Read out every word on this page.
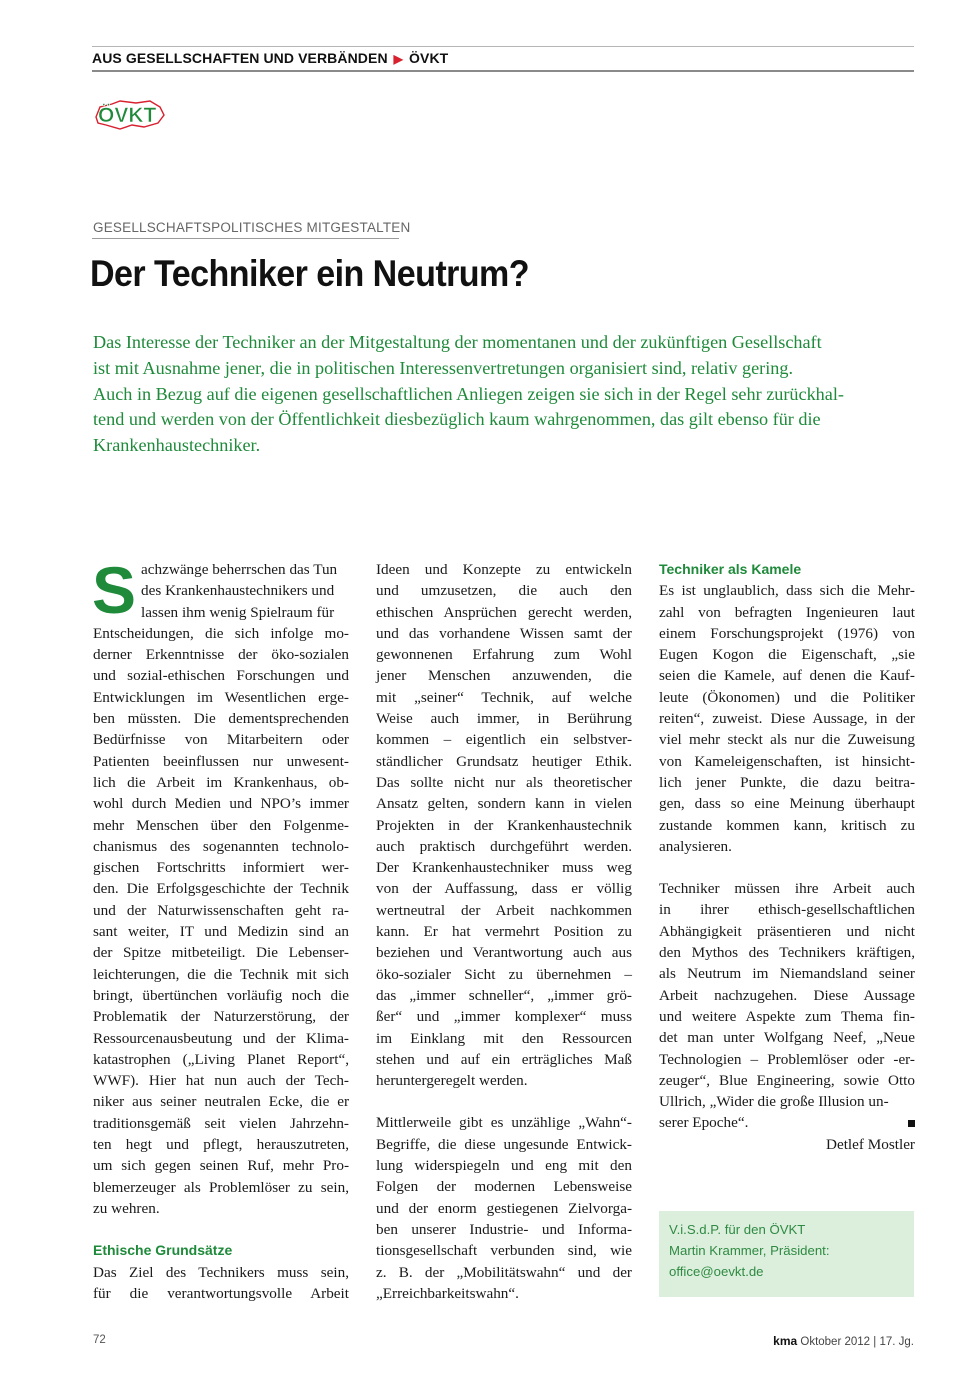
AUS GESELLSCHAFTEN UND VERBÄNDEN ▶ ÖVKT
ÖVKT
GESELLSCHAFTSPOLITISCHES MITGESTALTEN
Der Techniker ein Neutrum?
Das Interesse der Techniker an der Mitgestaltung der momentanen und der zukünftigen Gesellschaft
ist mit Ausnahme jener, die in politischen Interessenvertretungen organisiert sind, relativ gering.
Auch in Bezug auf die eigenen gesellschaftlichen Anliegen zeigen sie sich in der Regel sehr zurückhal-
tend und werden von der Öffentlichkeit diesbezüglich kaum wahrgenommen, das gilt ebenso für die
Krankenhaustechniker.
S achzwänge beherrschen das Tun
des Krankenhaustechnikers und
lassen ihm wenig Spielraum für
Entscheidungen, die sich infolge mo-
derner Erkenntnisse der öko-sozialen
und sozial-ethischen Forschungen und
Entwicklungen im Wesentlichen erge-
ben müssten. Die dementsprechenden
Bedürfnisse von Mitarbeitern oder
Patienten beeinflussen nur unwesent-
lich die Arbeit im Krankenhaus, ob-
wohl durch Medien und NPO’s immer
mehr Menschen über den Folgenme-
chanismus des sogenannten technolo-
gischen Fortschritts informiert wer-
den. Die Erfolgsgeschichte der Technik
und der Naturwissenschaften geht ra-
sant weiter, IT und Medizin sind an
der Spitze mitbeteiligt. Die Lebenser-
leichterungen, die die Technik mit sich
bringt, übertünchen vorläufig noch die
Problematik der Naturzerstörung, der
Ressourcenausbeutung und der Klima-
katastrophen („Living Planet Report“,
WWF). Hier hat nun auch der Tech-
niker aus seiner neutralen Ecke, die er
traditionsgemäß seit vielen Jahrzehn-
ten hegt und pflegt, herauszutreten,
um sich gegen seinen Ruf, mehr Pro-
blemerzeuger als Problemlöser zu sein,
zu wehren.
Ethische Grundsätze
Das Ziel des Technikers muss sein,
für die verantwortungsvolle Arbeit
Ideen und Konzepte zu entwickeln
und umzusetzen, die auch den
ethischen Ansprüchen gerecht werden,
und das vorhandene Wissen samt der
gewonnenen Erfahrung zum Wohl
jener Menschen anzuwenden, die
mit „seiner“ Technik, auf welche
Weise auch immer, in Berührung
kommen – eigentlich ein selbstver-
ständlicher Grundsatz heutiger Ethik.
Das sollte nicht nur als theoretischer
Ansatz gelten, sondern kann in vielen
Projekten in der Krankenhaustechnik
auch praktisch durchgeführt werden.
Der Krankenhaustechniker muss weg
von der Auffassung, dass er völlig
wertneutral der Arbeit nachkommen
kann. Er hat vermehrt Position zu
beziehen und Verantwortung auch aus
öko-sozialer Sicht zu übernehmen –
das „immer schneller“, „immer grö-
ßer“ und „immer komplexer“ muss
im Einklang mit den Ressourcen
stehen und auf ein erträgliches Maß
heruntergeregelt werden.
Mittlerweile gibt es unzählige „Wahn“-
Begriffe, die diese ungesunde Entwick-
lung widerspiegeln und eng mit den
Folgen der modernen Lebensweise
und der enorm gestiegenen Zielvorga-
ben unserer Industrie- und Informa-
tionsgesellschaft verbunden sind, wie
z. B. der „Mobilitätswahn“ und der
„Erreichbarkeitswahn“.
Techniker als Kamele
Es ist unglaublich, dass sich die Mehr-
zahl von befragten Ingenieuren laut
einem Forschungsprojekt (1976) von
Eugen Kogon die Eigenschaft, „sie
seien die Kamele, auf denen die Kauf-
leute (Ökonomen) und die Politiker
reiten“, zuweist. Diese Aussage, in der
viel mehr steckt als nur die Zuweisung
von Kameleigenschaften, ist hinsicht-
lich jener Punkte, die dazu beitra-
gen, dass so eine Meinung überhaupt
zustande kommen kann, kritisch zu
analysieren.
Techniker müssen ihre Arbeit auch
in ihrer ethisch-gesellschaftlichen
Abhängigkeit präsentieren und nicht
den Mythos des Technikers kräftigen,
als Neutrum im Niemandsland seiner
Arbeit nachzugehen. Diese Aussage
und weitere Aspekte zum Thema fin-
det man unter Wolfgang Neef, „Neue
Technologien – Problemlöser oder -er-
zeuger“, Blue Engineering, sowie Otto
Ullrich, „Wider die große Illusion un-
serer Epoche“.
Detlef Mostler
V.i.S.d.P. für den ÖVKT
Martin Krammer, Präsident:
office@oevkt.de
72	kma Oktober 2012 | 17. Jg.
